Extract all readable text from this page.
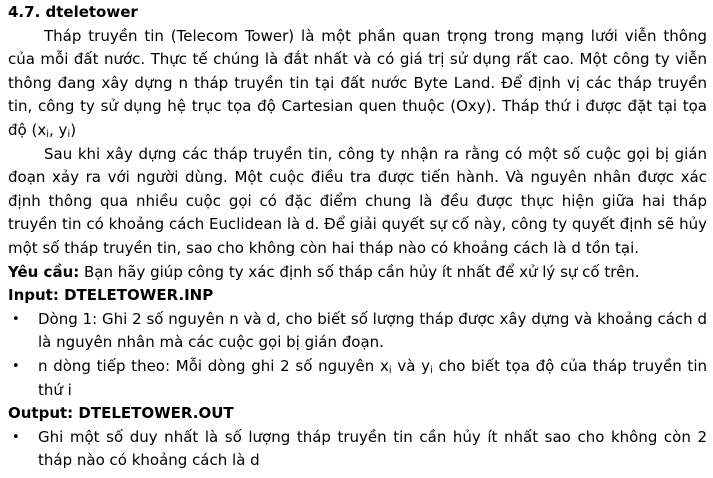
4.7. dteletower

Tháp truyền tin (Telecom Tower) là một phần quan trọng trong mạng lưới viễn thông của mỗi đất nước. Thực tế chúng là đắt nhất và có giá trị sử dụng rất cao. Một công ty viễn thông đang xây dựng n tháp truyền tin tại đất nước Byte Land. Để định vị các tháp truyền tin, công ty sử dụng hệ trục tọa độ Cartesian quen thuộc (Oxy). Tháp thứ i được đặt tại tọa độ ($x_i$, $y_i$)

Sau khi xây dựng các tháp truyền tin, công ty nhận ra rằng có một số cuộc gọi bị gián đoạn xảy ra với người dùng. Một cuộc điều tra được tiến hành. Và nguyên nhân được xác định thông qua nhiều cuộc gọi có đặc điểm chung là đều được thực hiện giữa hai tháp truyền tin có khoảng cách Euclidean là d. Để giải quyết sự cố này, công ty quyết định sẽ hủy một số tháp truyền tin, sao cho không còn hai tháp nào có khoảng cách là d tồn tại.

Yêu cầu: Bạn hãy giúp công ty xác định số tháp cần hủy ít nhất để xử lý sự cố trên.
Input: DTELETOWER.INP
• Dòng 1: Ghi 2 số nguyên n và d, cho biết số lượng tháp được xây dựng và khoảng cách d là nguyên nhân mà các cuộc gọi bị gián đoạn.
• n dòng tiếp theo: Mỗi dòng ghi 2 số nguyên $x_i$ và $y_i$ cho biết tọa độ của tháp truyền tin thứ i
Output: DTELETOWER.OUT
• Ghi một số duy nhất là số lượng tháp truyền tin cần hủy ít nhất sao cho không còn 2 tháp nào có khoảng cách là d
